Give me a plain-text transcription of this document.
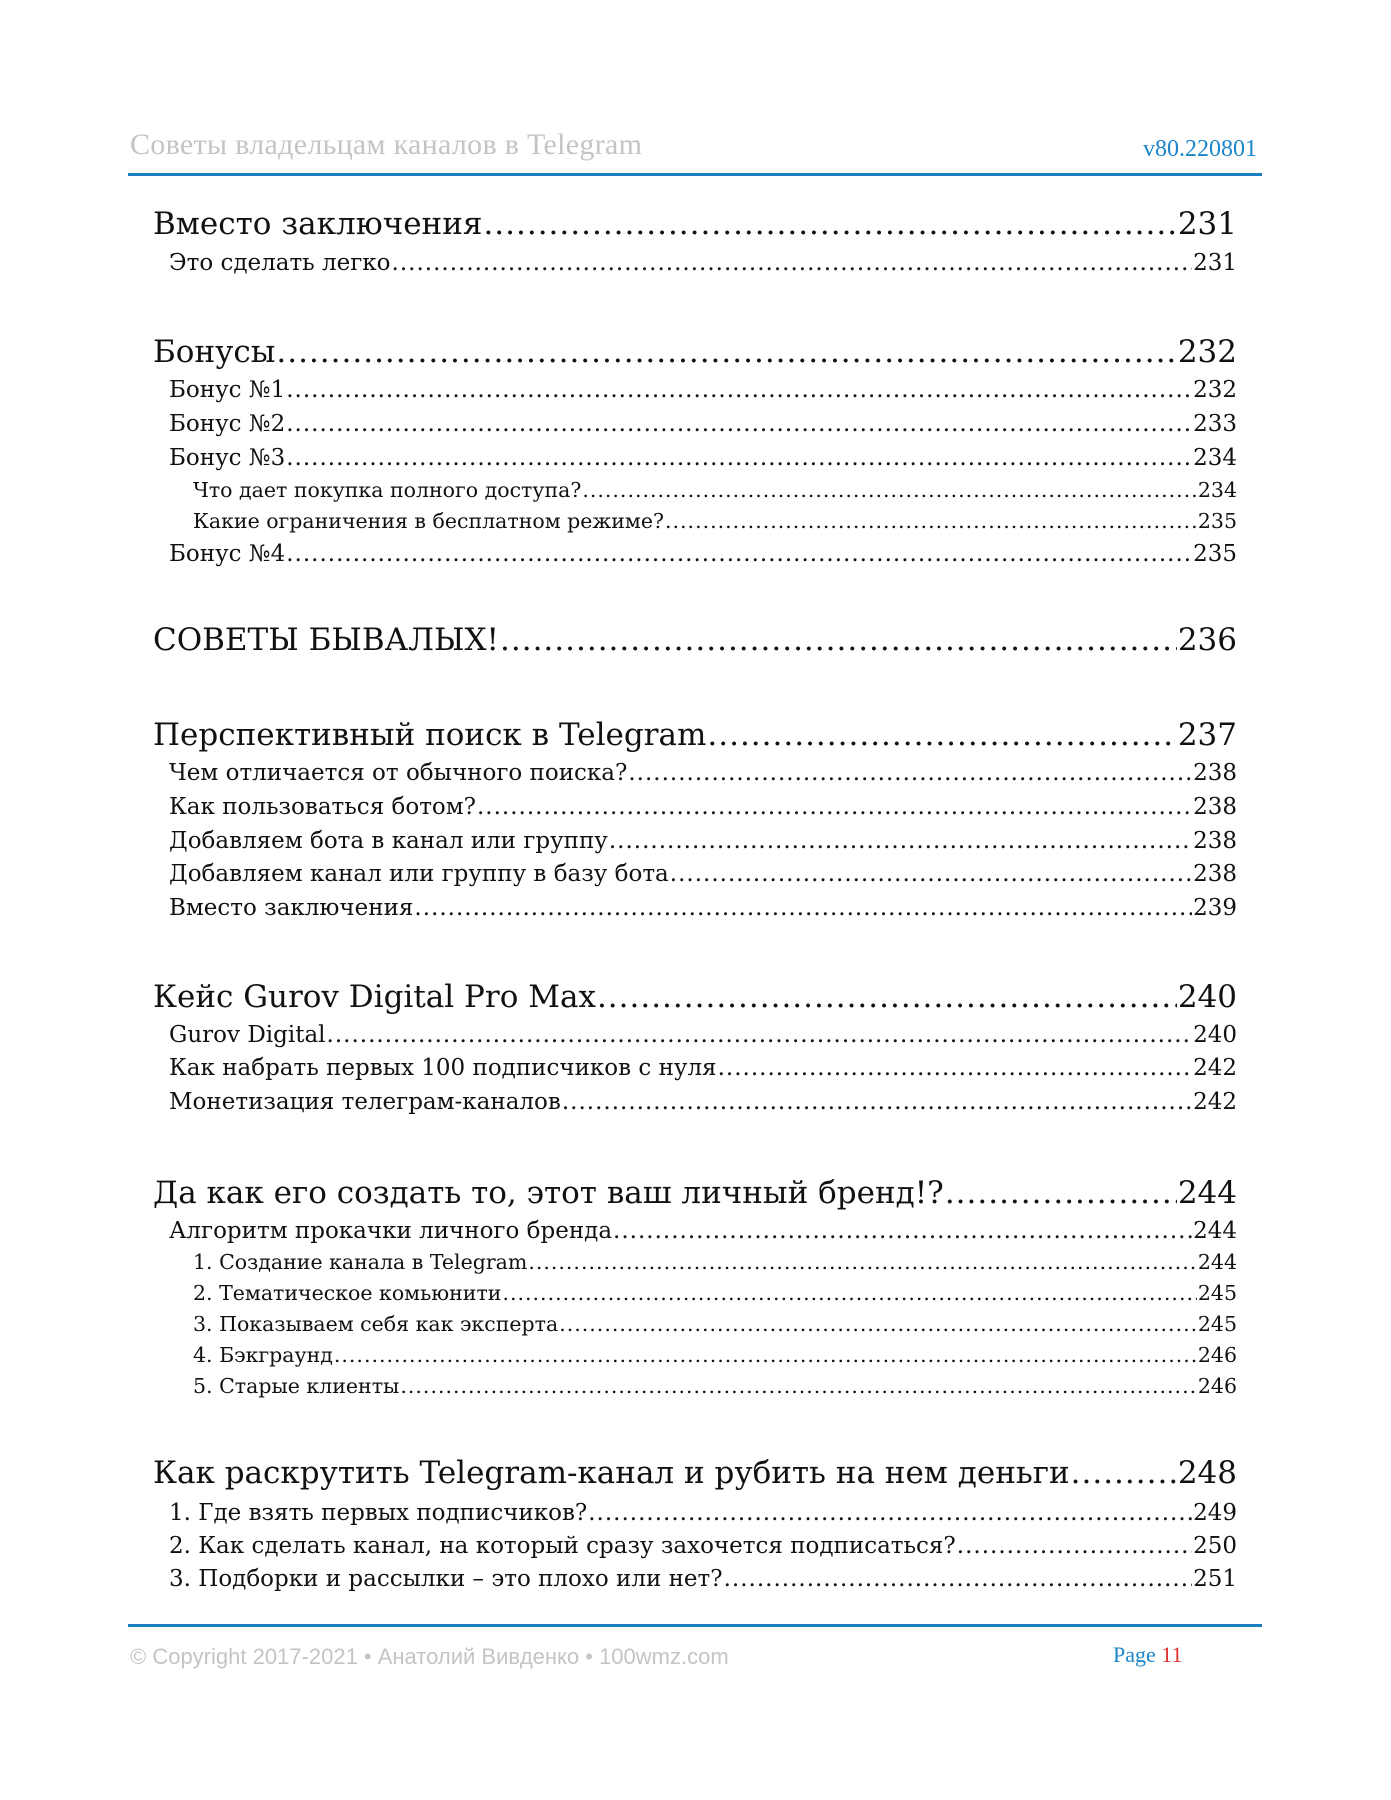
Советы владельцам каналов в Telegram	v80.220801
Вместо заключения .....	231
Это сделать легко .....	231
Бонусы .....	232
Бонус №1 .....	232
Бонус №2 .....	233
Бонус №3 .....	234
Что дает покупка полного доступа? .....	234
Какие ограничения в бесплатном режиме? .....	235
Бонус №4 .....	235
СОВЕТЫ БЫВАЛЫХ! .....	236
Перспективный поиск в Telegram .....	237
Чем отличается от обычного поиска? .....	238
Как пользоваться ботом? .....	238
Добавляем бота в канал или группу .....	238
Добавляем канал или группу в базу бота .....	238
Вместо заключения .....	239
Кейс Gurov Digital Pro Max .....	240
Gurov Digital .....	240
Как набрать первых 100 подписчиков с нуля .....	242
Монетизация телеграм-каналов .....	242
Да как его создать то, этот ваш личный бренд!? .....	244
Алгоритм прокачки личного бренда .....	244
1. Создание канала в Telegram .....	244
2. Тематическое комьюнити .....	245
3. Показываем себя как эксперта .....	245
4. Бэкграунд .....	246
5. Старые клиенты .....	246
Как раскрутить Telegram-канал и рубить на нем деньги .....	248
1. Где взять первых подписчиков? .....	249
2. Как сделать канал, на который сразу захочется подписаться? .....	250
3. Подборки и рассылки – это плохо или нет? .....	251
© Copyright 2017-2021 • Анатолий Вивденко • 100wmz.com	Page 11
